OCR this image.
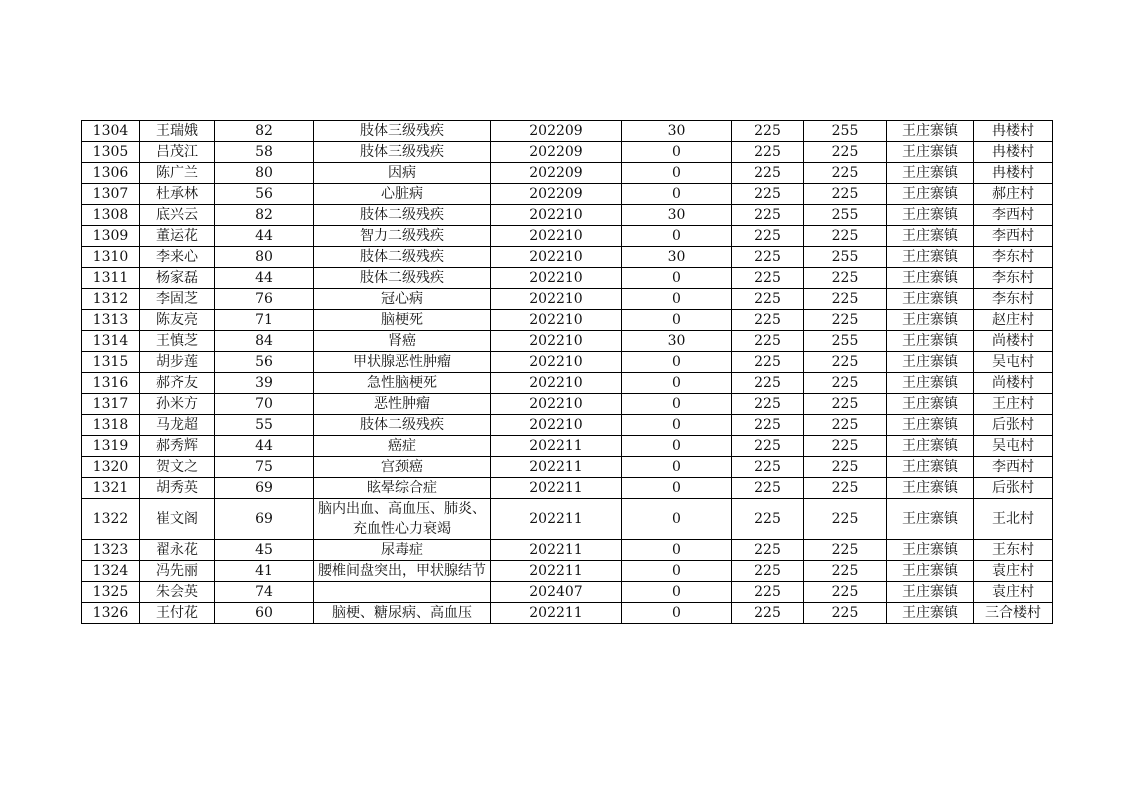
1304	王瑞娥	82	肢体三级残疾	202209	30	225	255	王庄寨镇	冉楼村
1305	吕茂江	58	肢体三级残疾	202209	0	225	225	王庄寨镇	冉楼村
1306	陈广兰	80	因病	202209	0	225	225	王庄寨镇	冉楼村
1307	杜承林	56	心脏病	202209	0	225	225	王庄寨镇	郝庄村
1308	底兴云	82	肢体二级残疾	202210	30	225	255	王庄寨镇	李西村
1309	董运花	44	智力二级残疾	202210	0	225	225	王庄寨镇	李西村
1310	李来心	80	肢体二级残疾	202210	30	225	255	王庄寨镇	李东村
1311	杨家磊	44	肢体二级残疾	202210	0	225	225	王庄寨镇	李东村
1312	李固芝	76	冠心病	202210	0	225	225	王庄寨镇	李东村
1313	陈友亮	71	脑梗死	202210	0	225	225	王庄寨镇	赵庄村
1314	王慎芝	84	肾癌	202210	30	225	255	王庄寨镇	尚楼村
1315	胡步莲	56	甲状腺恶性肿瘤	202210	0	225	225	王庄寨镇	吴屯村
1316	郝齐友	39	急性脑梗死	202210	0	225	225	王庄寨镇	尚楼村
1317	孙米方	70	恶性肿瘤	202210	0	225	225	王庄寨镇	王庄村
1318	马龙超	55	肢体二级残疾	202210	0	225	225	王庄寨镇	后张村
1319	郝秀辉	44	癌症	202211	0	225	225	王庄寨镇	吴屯村
1320	贺文之	75	宫颈癌	202211	0	225	225	王庄寨镇	李西村
1321	胡秀英	69	眩晕综合症	202211	0	225	225	王庄寨镇	后张村
1322	崔文阁	69	脑内出血、高血压、肺炎、充血性心力衰竭	202211	0	225	225	王庄寨镇	王北村
1323	翟永花	45	尿毒症	202211	0	225	225	王庄寨镇	王东村
1324	冯先丽	41	腰椎间盘突出，甲状腺结节	202211	0	225	225	王庄寨镇	袁庄村
1325	朱会英	74		202407	0	225	225	王庄寨镇	袁庄村
1326	王付花	60	脑梗、糖尿病、高血压	202211	0	225	225	王庄寨镇	三合楼村
